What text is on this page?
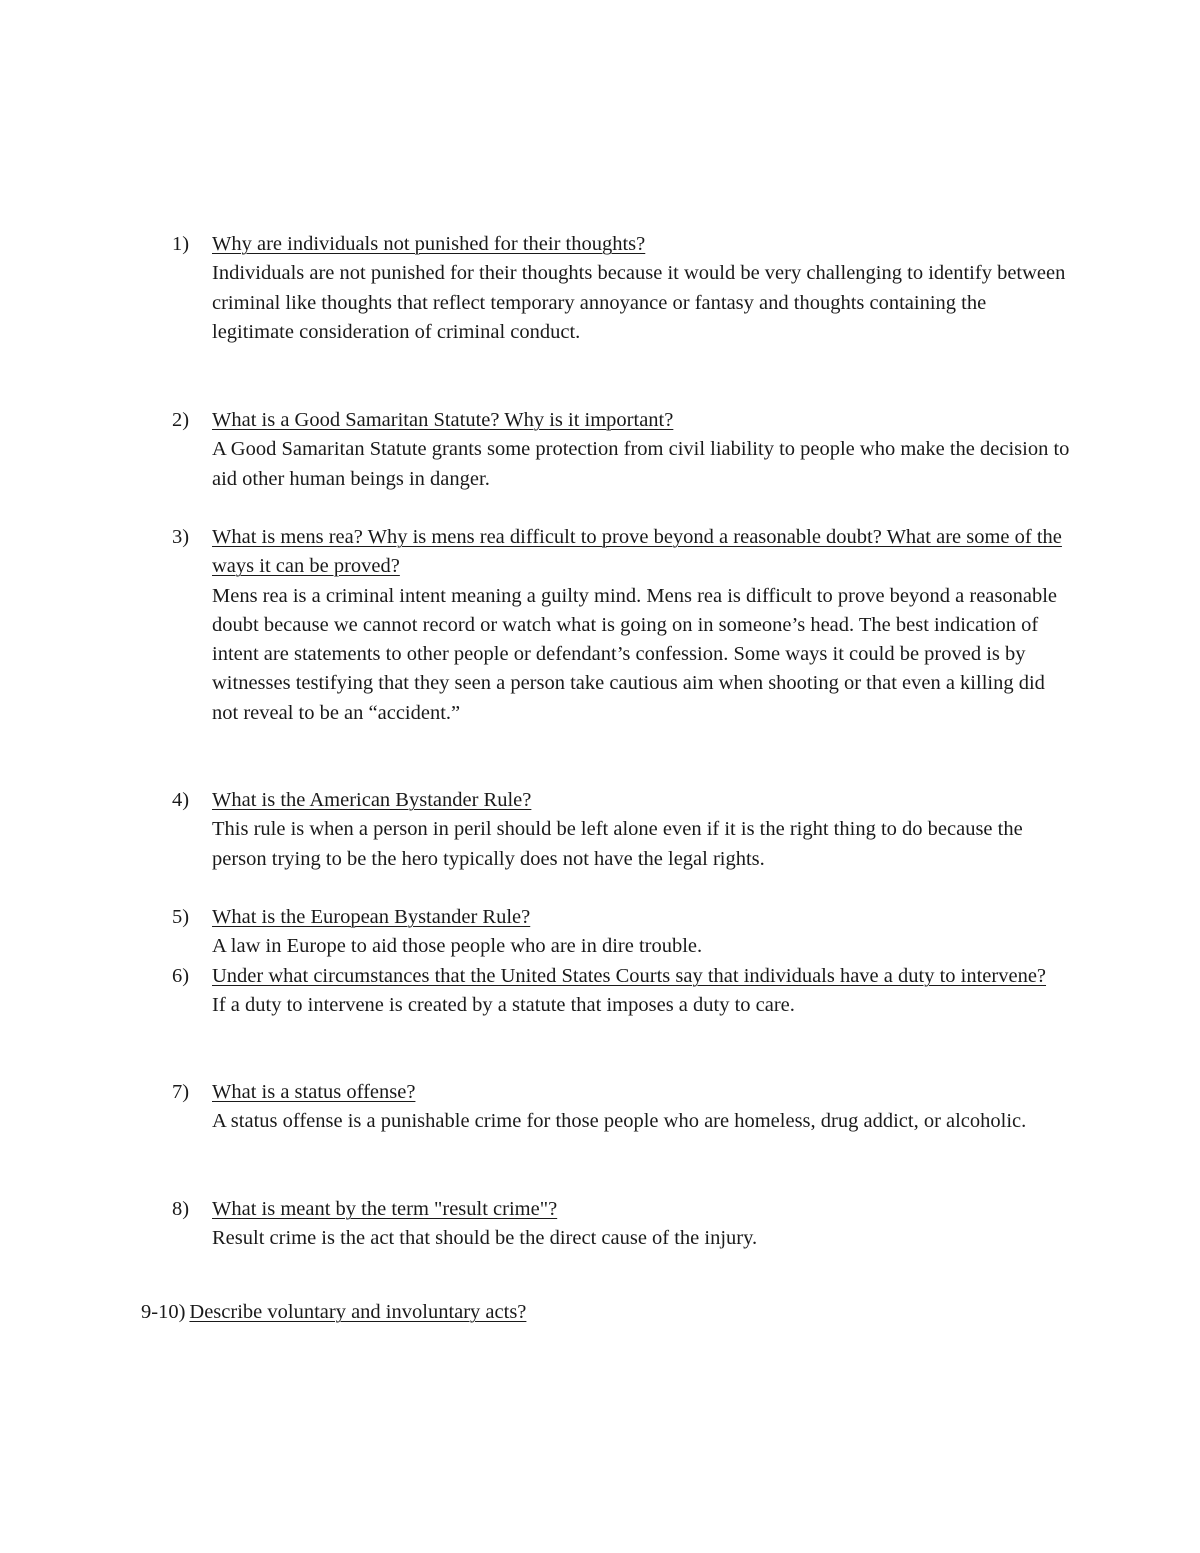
1)	Why are individuals not punished for their thoughts?
Individuals are not punished for their thoughts because it would be very challenging to identify between criminal like thoughts that reflect temporary annoyance or fantasy and thoughts containing the legitimate consideration of criminal conduct.
2)	What is a Good Samaritan Statute? Why is it important?
A Good Samaritan Statute grants some protection from civil liability to people who make the decision to aid other human beings in danger.
3)	What is mens rea? Why is mens rea difficult to prove beyond a reasonable doubt? What are some of the ways it can be proved?
Mens rea is a criminal intent meaning a guilty mind. Mens rea is difficult to prove beyond a reasonable doubt because we cannot record or watch what is going on in someone’s head. The best indication of intent are statements to other people or defendant’s confession. Some ways it could be proved is by witnesses testifying that they seen a person take cautious aim when shooting or that even a killing did not reveal to be an “accident.”
4)	What is the American Bystander Rule?
This rule is when a person in peril should be left alone even if it is the right thing to do because the person trying to be the hero typically does not have the legal rights.
5)	What is the European Bystander Rule?
A law in Europe to aid those people who are in dire trouble.
6)	Under what circumstances that the United States Courts say that individuals have a duty to intervene?
If a duty to intervene is created by a statute that imposes a duty to care.
7)	What is a status offense?
A status offense is a punishable crime for those people who are homeless, drug addict, or alcoholic.
8)	What is meant by the term "result crime"?
Result crime is the act that should be the direct cause of the injury.
9-10) Describe voluntary and involuntary acts?
